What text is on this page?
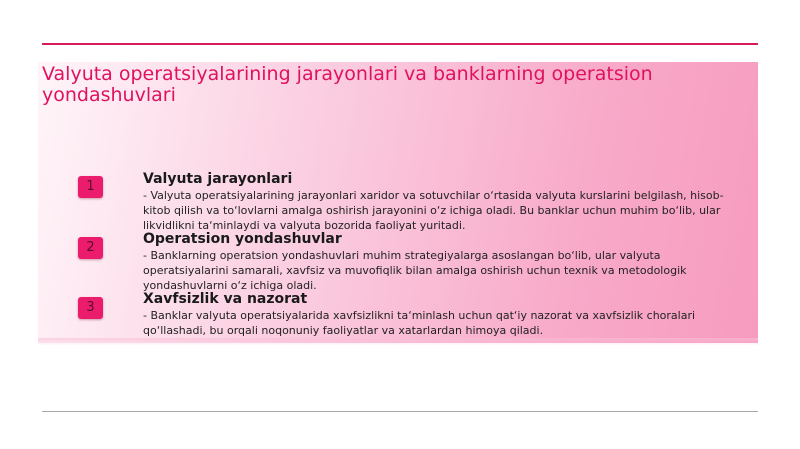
Valyuta operatsiyalarining jarayonlari va banklarning operatsion yondashuvlari
1	Valyuta jarayonlari

- Valyuta operatsiyalarining jarayonlari xaridor va sotuvchilar o‘rtasida valyuta kurslarini belgilash, hisob-kitob qilish va to‘lovlarni amalga oshirish jarayonini o‘z ichiga oladi. Bu banklar uchun muhim bo‘lib, ular likvidlikni ta‘minlaydi va valyuta bozorida faoliyat yuritadi.

2

Operatsion yondashuvlar

- Banklarning operatsion yondashuvlari muhim strategiyalarga asoslangan bo‘lib, ular valyuta operatsiyalarini samarali, xavfsiz va muvofiqlik bilan amalga oshirish uchun texnik va metodologik yondashuvlarni o‘z ichiga oladi.

3

Xavfsizlik va nazorat

- Banklar valyuta operatsiyalarida xavfsizlikni ta‘minlash uchun qat‘iy nazorat va xavfsizlik choralari qo‘llashadi, bu orqali noqonuniy faoliyatlar va xatarlardan himoya qiladi.
